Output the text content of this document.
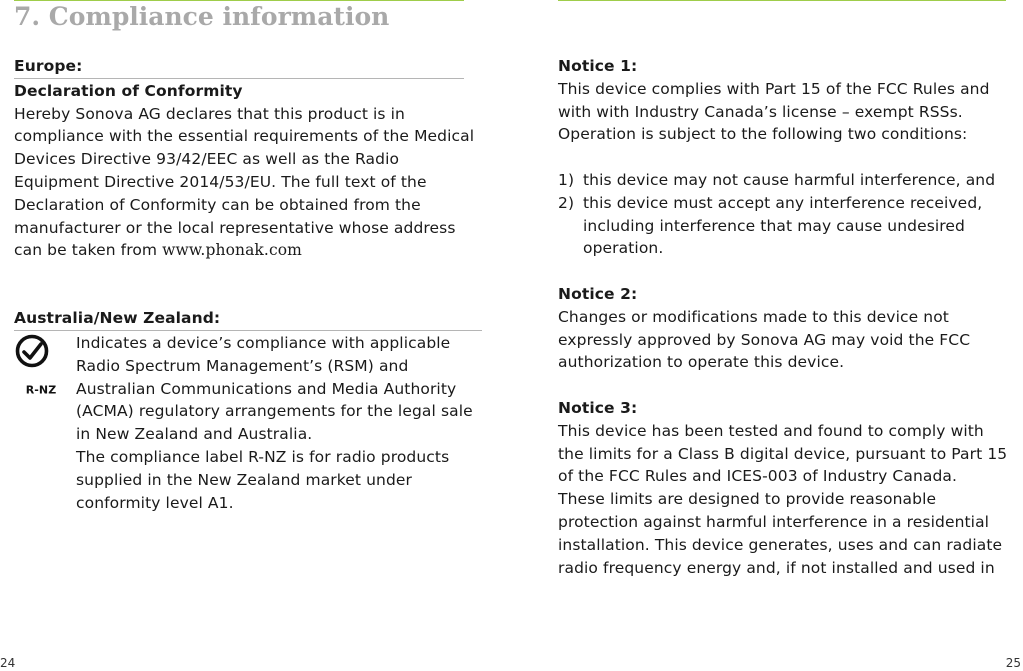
7. Compliance information

Europe:

Declaration of Conformity

Hereby Sonova AG declares that this product is in compliance with the essential requirements of the Medical Devices Directive 93/42/EEC as well as the Radio Equipment Directive 2014/53/EU. The full text of the Declaration of Conformity can be obtained from the manufacturer or the local representative whose address can be taken from www.phonak.com

Australia/New Zealand:

R-NZ

Indicates a device’s compliance with applicable Radio Spectrum Management’s (RSM) and Australian Communications and Media Authority (ACMA) regulatory arrangements for the legal sale in New Zealand and Australia.

The compliance label R-NZ is for radio products supplied in the New Zealand market under conformity level A1.

Notice 1:

This device complies with Part 15 of the FCC Rules and with with Industry Canada’s license – exempt RSSs. Operation is subject to the following two conditions:

1) this device may not cause harmful interference, and
2) this device must accept any interference received, including interference that may cause undesired operation.

Notice 2:

Changes or modifications made to this device not expressly approved by Sonova AG may void the FCC authorization to operate this device.

Notice 3:

This device has been tested and found to comply with the limits for a Class B digital device, pursuant to Part 15 of the FCC Rules and ICES-003 of Industry Canada.

These limits are designed to provide reasonable protection against harmful interference in a residential installation. This device generates, uses and can radiate radio frequency energy and, if not installed and used in

24	25
